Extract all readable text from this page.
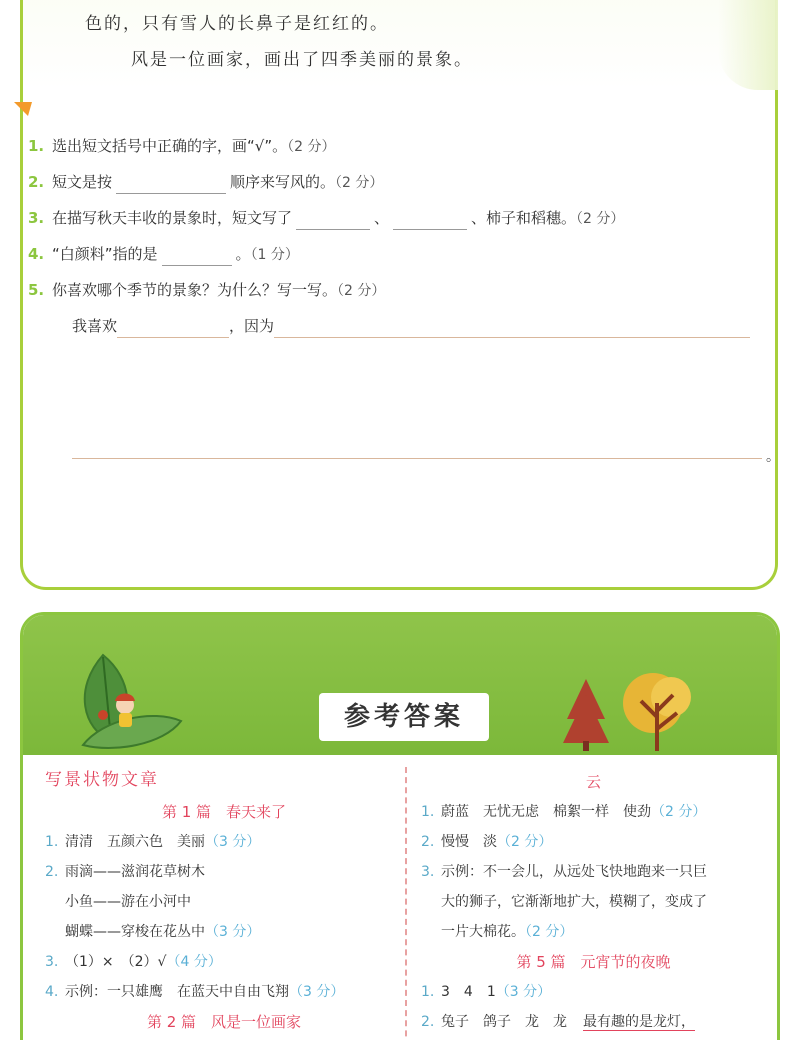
色的，只有雪人的长鼻子是红红的。
风是一位画家，画出了四季美丽的景象。
1. 选出短文括号中正确的字，画“√”。（2 分）
2. 短文是按	顺序来写风的。（2 分）
3. 在描写秋天丰收的景象时，短文写了	、	、柿子和稻穗。（2 分）
4. “白颜料”指的是	。（1 分）
5. 你喜欢哪个季节的景象？为什么？写一写。（2 分）
我喜欢	，因为
。
参考答案
写景状物文章
第 1 篇　春天来了
1. 清清　五颜六色　美丽（3 分）
2. 雨滴——滋润花草树木
小鱼——游在小河中
蝴蝶——穿梭在花丛中（3 分）
3. （1）×　（2）√（4 分）
4. 示例：一只雄鹰　在蓝天中自由飞翔（3 分）
第 2 篇　风是一位画家
云
1. 蔚蓝　无忧无虑　棉絮一样　使劲（2 分）
2. 慢慢　淡（2 分）
3. 示例：不一会儿，从远处飞快地跑来一只巨
大的狮子，它渐渐地扩大，模糊了，变成了
一片大棉花。（2 分）
第 5 篇　元宵节的夜晚
1. 3　4　1（3 分）
2. 兔子　鸽子　龙　龙 最有趣的是龙灯，
